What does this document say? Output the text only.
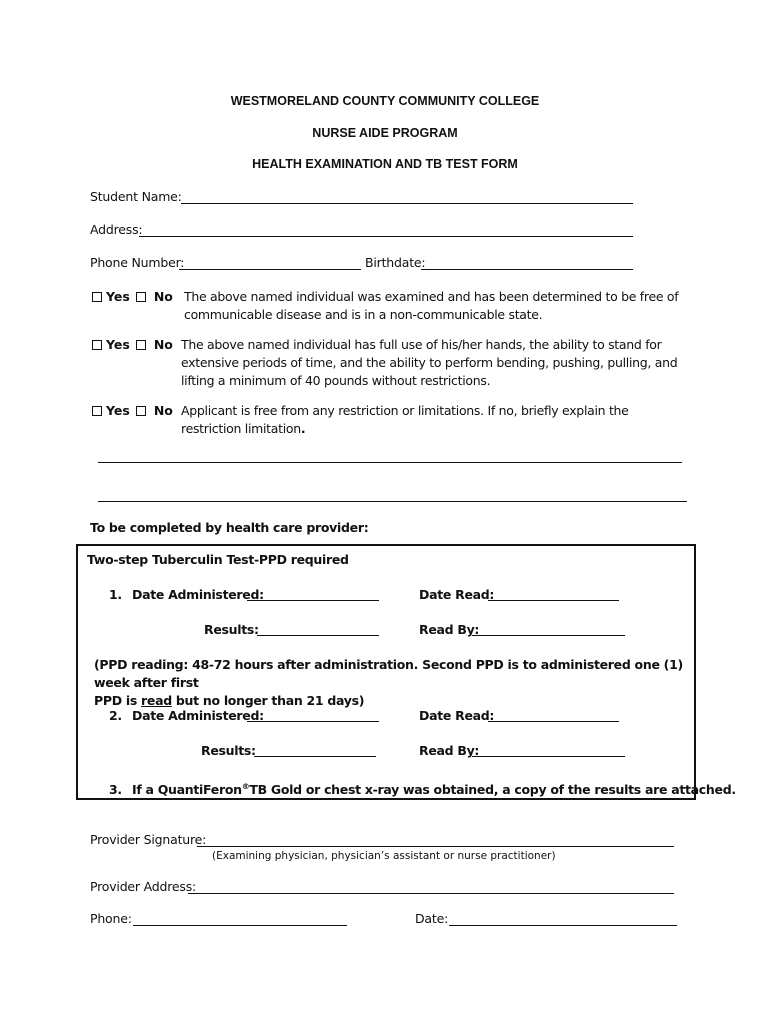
WESTMORELAND COUNTY COMMUNITY COLLEGE
NURSE AIDE PROGRAM
HEALTH EXAMINATION AND TB TEST FORM
Student Name:
Address:
Phone Number:	Birthdate:
Yes No The above named individual was examined and has been determined to be free of
communicable disease and is in a non-communicable state.
Yes No The above named individual has full use of his/her hands, the ability to stand for
extensive periods of time, and the ability to perform bending, pushing, pulling, and
lifting a minimum of 40 pounds without restrictions.
Yes No Applicant is free from any restriction or limitations. If no, briefly explain the
restriction limitation.
To be completed by health care provider:
Two-step Tuberculin Test-PPD required
1. Date Administered:	Date Read:
Results:	Read By:
(PPD reading: 48-72 hours after administration. Second PPD is to administered one (1) week after first
PPD is read but no longer than 21 days)
2. Date Administered:	Date Read:
Results:	Read By:
3. If a QuantiFeron®TB Gold or chest x-ray was obtained, a copy of the results are attached.
Provider Signature:
(Examining physician, physician’s assistant or nurse practitioner)
Provider Address:
Phone:	Date:
